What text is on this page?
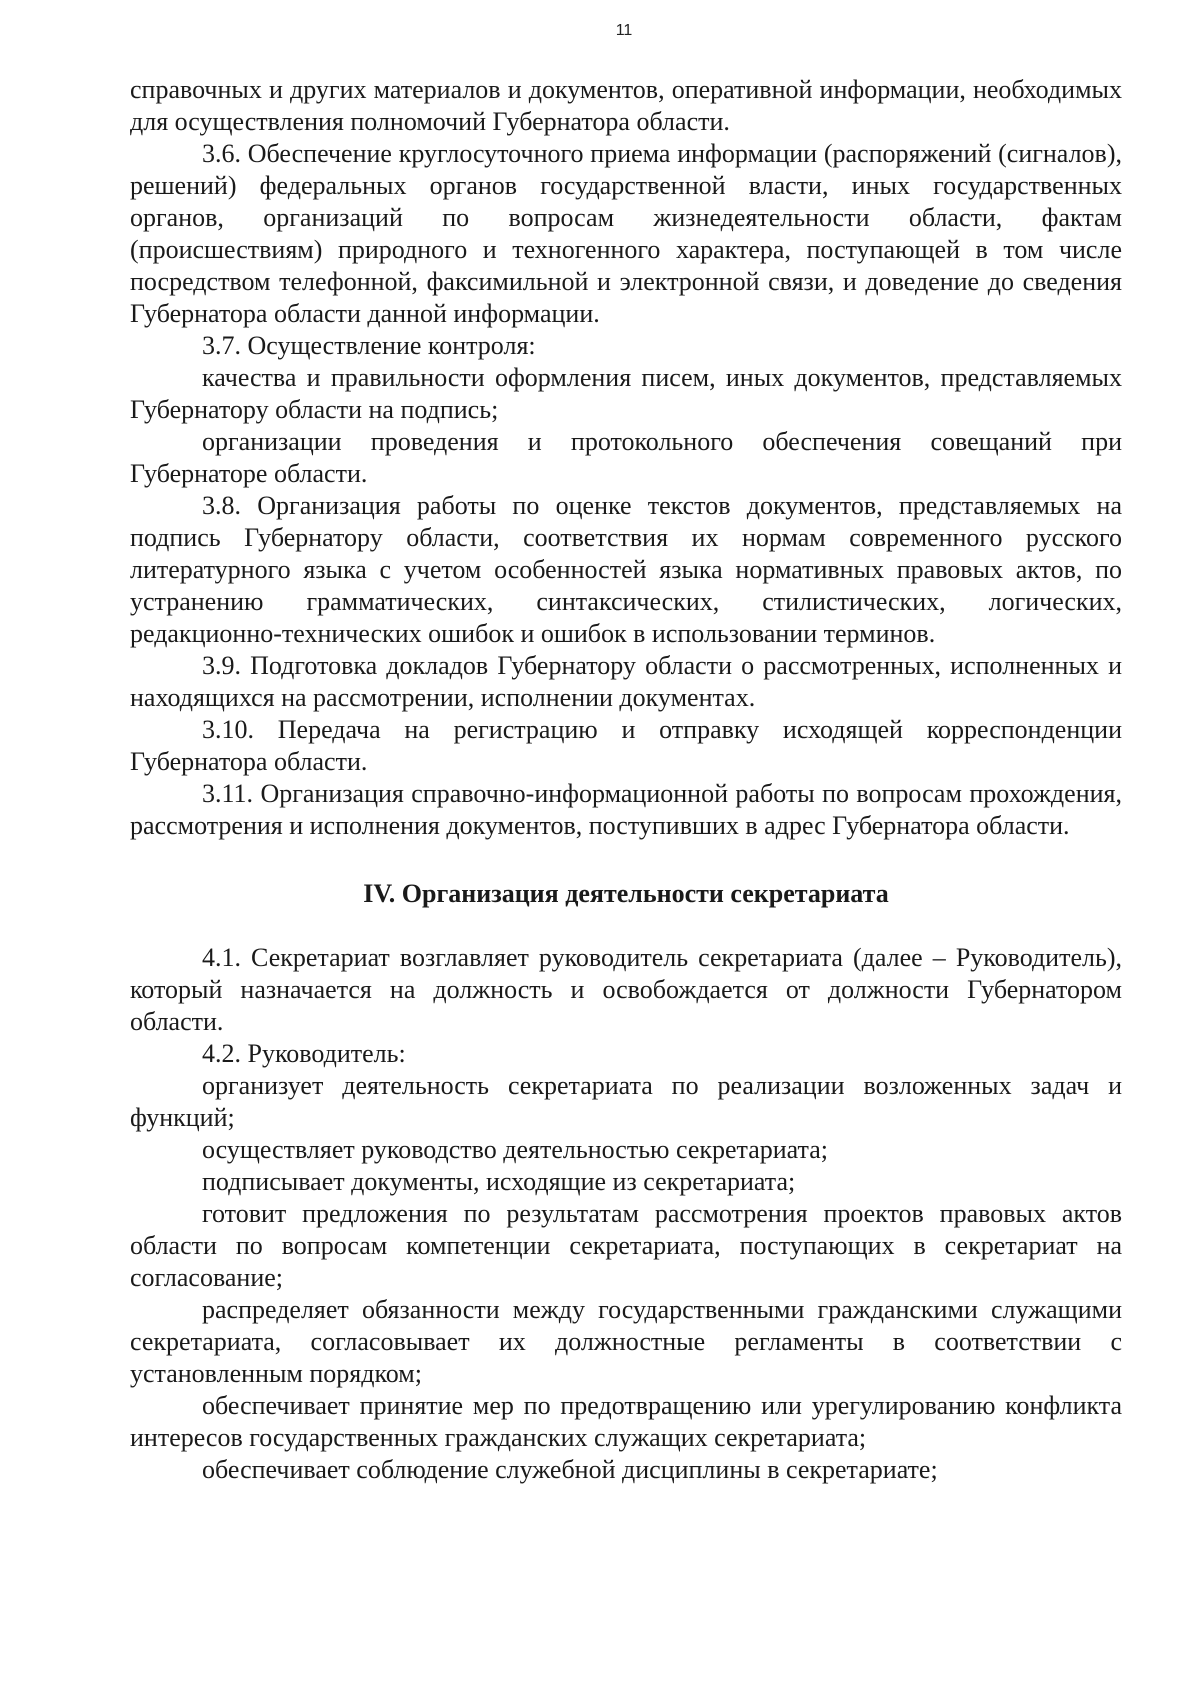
11

справочных и других материалов и документов, оперативной информации, необходимых для осуществления полномочий Губернатора области.

3.6. Обеспечение круглосуточного приема информации (распоряжений (сигналов), решений) федеральных органов государственной власти, иных государственных органов, организаций по вопросам жизнедеятельности области, фактам (происшествиям) природного и техногенного характера, поступающей в том числе посредством телефонной, факсимильной и электронной связи, и доведение до сведения Губернатора области данной информации.

3.7. Осуществление контроля:

качества и правильности оформления писем, иных документов, представляемых Губернатору области на подпись;

организации проведения и протокольного обеспечения совещаний при Губернаторе области.

3.8. Организация работы по оценке текстов документов, представляемых на подпись Губернатору области, соответствия их нормам современного русского литературного языка с учетом особенностей языка нормативных правовых актов, по устранению грамматических, синтаксических, стилистических, логических, редакционно-технических ошибок и ошибок в использовании терминов.

3.9. Подготовка докладов Губернатору области о рассмотренных, исполненных и находящихся на рассмотрении, исполнении документах.

3.10. Передача на регистрацию и отправку исходящей корреспонденции Губернатора области.

3.11. Организация справочно-информационной работы по вопросам прохождения, рассмотрения и исполнения документов, поступивших в адрес Губернатора области.

IV. Организация деятельности секретариата

4.1. Секретариат возглавляет руководитель секретариата (далее – Руководитель), который назначается на должность и освобождается от должности Губернатором области.

4.2. Руководитель:

организует деятельность секретариата по реализации возложенных задач и функций;

осуществляет руководство деятельностью секретариата;

подписывает документы, исходящие из секретариата;

готовит предложения по результатам рассмотрения проектов правовых актов области по вопросам компетенции секретариата, поступающих в секретариат на согласование;

распределяет обязанности между государственными гражданскими служащими секретариата, согласовывает их должностные регламенты в соответствии с установленным порядком;

обеспечивает принятие мер по предотвращению или урегулированию конфликта интересов государственных гражданских служащих секретариата;

обеспечивает соблюдение служебной дисциплины в секретариате;
